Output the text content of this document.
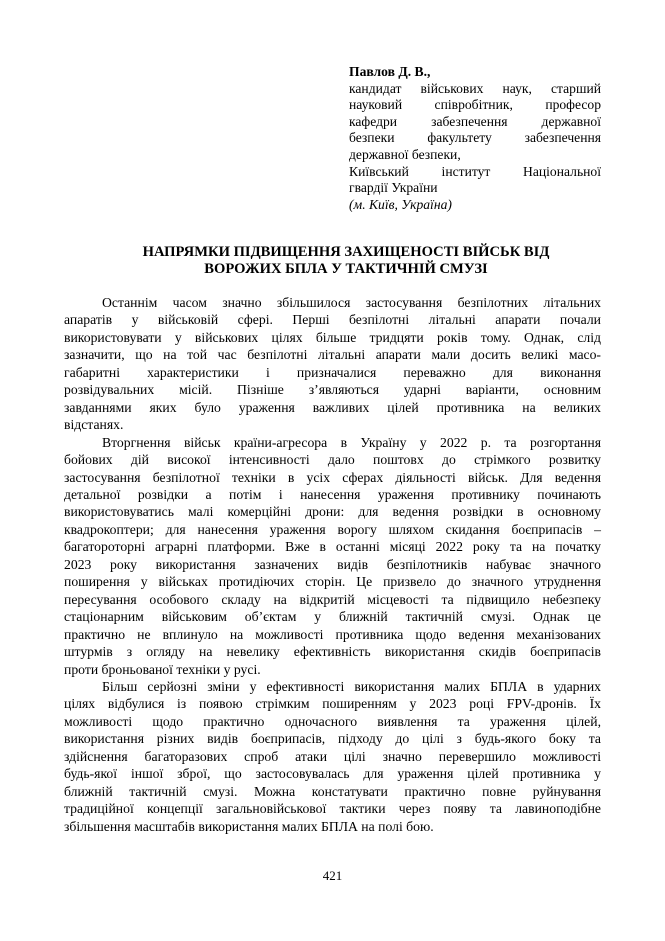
Павлов Д. В.,
кандидат військових наук, старший
науковий співробітник, професор
кафедри забезпечення державної
безпеки факультету забезпечення
державної безпеки,
Київський інститут Національної
гвардії України
(м. Київ, Україна)
НАПРЯМКИ ПІДВИЩЕННЯ ЗАХИЩЕНОСТІ ВІЙСЬК ВІД
ВОРОЖИХ БПЛА У ТАКТИЧНІЙ СМУЗІ
Останнім часом значно збільшилося застосування безпілотних літальних
апаратів у військовій сфері. Перші безпілотні літальні апарати почали
використовувати у військових цілях більше тридцяти років тому. Однак, слід
зазначити, що на той час безпілотні літальні апарати мали досить великі масо-
габаритні характеристики і призначалися переважно для виконання
розвідувальних місій. Пізніше з’являються ударні варіанти, основним
завданнями яких було ураження важливих цілей противника на великих
відстанях.
Вторгнення військ країни-агресора в Україну у 2022 р. та розгортання
бойових дій високої інтенсивності дало поштовх до стрімкого розвитку
застосування безпілотної техніки в усіх сферах діяльності військ. Для ведення
детальної розвідки а потім і нанесення ураження противнику починають
використовуватись малі комерційні дрони: для ведення розвідки в основному
квадрокоптери; для нанесення ураження ворогу шляхом скидання боєприпасів –
багатороторні аграрні платформи. Вже в останні місяці 2022 року та на початку
2023 року використання зазначених видів безпілотників набуває значного
поширення у військах протидіючих сторін. Це призвело до значного утруднення
пересування особового складу на відкритій місцевості та підвищило небезпеку
стаціонарним військовим об’єктам у ближній тактичній смузі. Однак це
практично не вплинуло на можливості противника щодо ведення механізованих
штурмів з огляду на невелику ефективність використання скидів боєприпасів
проти броньованої техніки у русі.
Більш серйозні зміни у ефективності використання малих БПЛА в ударних
цілях відбулися із появою стрімким поширенням у 2023 році FPV-дронів. Їх
можливості щодо практично одночасного виявлення та ураження цілей,
використання різних видів боєприпасів, підходу до цілі з будь-якого боку та
здійснення багаторазових спроб атаки цілі значно перевершило можливості
будь-якої іншої зброї, що застосовувалась для ураження цілей противника у
ближній тактичній смузі. Можна констатувати практично повне руйнування
традиційної концепції загальновійськової тактики через появу та лавиноподібне
збільшення масштабів використання малих БПЛА на полі бою.
421
